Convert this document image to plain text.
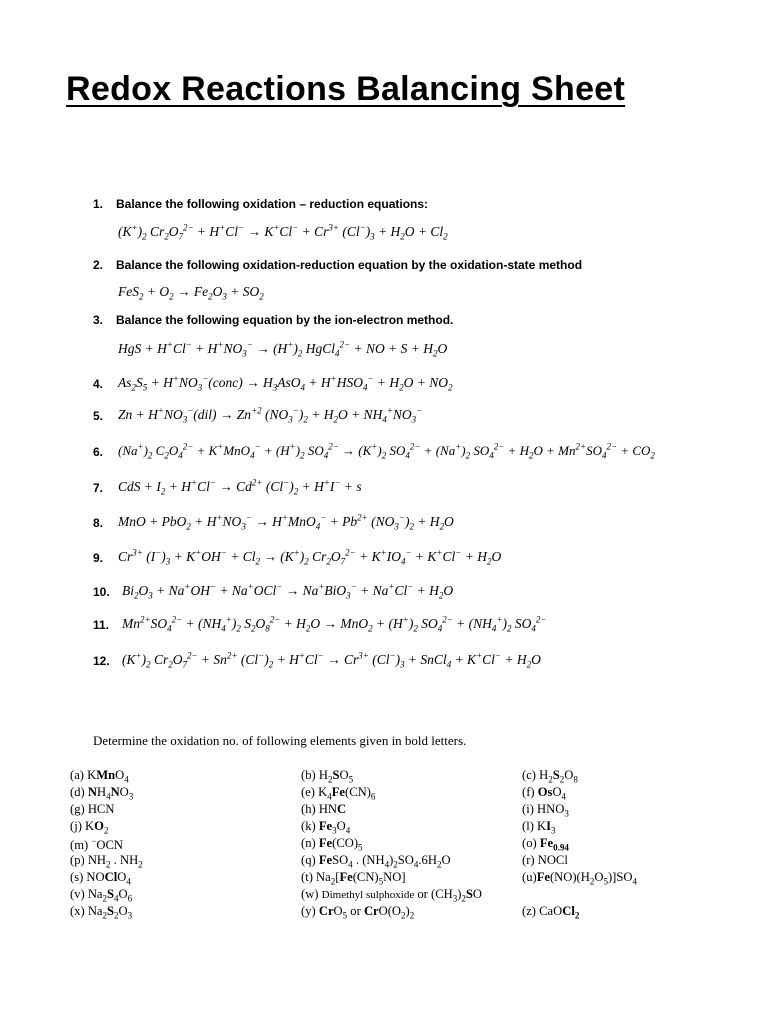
Redox Reactions Balancing Sheet
1. Balance the following oxidation – reduction equations:
$(K^+)_2$ $Cr_2O_7^{2-} + H^+Cl^- \to K^+Cl^- + Cr^{3+}$ $(Cl^-)_3 + H_2O + Cl_2$
2. Balance the following oxidation-reduction equation by the oxidation-state method
$FeS_2 + O_2 \to Fe_2O_3 + SO_2$
3. Balance the following equation by the ion-electron method.
HgS + $H^+Cl^- + H^+NO_3^- \to (H^+)_2$ HgCl$_4^{2-}$ + NO + $S + H_2O$
4. $As_2S_5$ + $H^+NO_3^-(conc) \to H_3AsO_4 + H^+HSO_4^- + H_2O + NO_2$
5. $Zn + H^+NO_3^-(dil) \to Zn^{+2}$ $(NO_3^-)_2 + H_2O + NH_4^+NO_3^-$
6. $(Na^+)_2$ $C_2O_4^{2-} + K^+MnO_4^- + (H^+)_2$ $SO_4^{2-} \to (K^+)_2$ $SO_4^{2-} + (Na^+)_2$ $SO_4^{2-} + H_2O + Mn^{2+}SO_4^{2-} + CO_2$
7. CdS + $I_2 + H^+Cl^- \to Cd^{2+}$ $(Cl^-)_2 + H^+I^- + s$
8. MnO + $PbO_2 + H^+NO_3^- \to H^+MnO_4^- + Pb^{2+}$ $(NO_3^-)_2 + H_2O$
9. $Cr^{3+}$ $(I^-)_3 + K^+OH^- + Cl_2 \to (K^+)_2$ $Cr_2O_7^{2-} + K^+IO_4^- + K^+Cl^- + H_2O$
10. $Bi_2O_3 + Na^+OH^- + Na^+OCl^- \to Na^+BiO_3^- + Na^+Cl^- + H_2O$
11. $Mn^{2+}SO_4^{2-} + (NH_4^+)_2$ $S_2O_8^{2-} + H_2O \to MnO_2 + (H^+)_2$ $SO_4^{2-} + (NH_4^+)_2$ $SO_4^{2-}$
12. $(K^+)_2$ $Cr_2O_7^{2-} + Sn^{2+}$ $(Cl^-)_2 + H^+Cl^- \to Cr^{3+}$ $(Cl^-)_3$ + SnCl$_4$ + $K^+Cl^- + H_2O$
Determine the oxidation no. of following elements given in bold letters.
(a) KMnO$_4$
(d) $NH_4NO_3$
(g) HCN
(j) $KO_2$
(m) −OCN
(p) $NH_2$ . $NH_2$
(s) NOClO$_4$
(v) $Na_2S_4O_6$
(x) $Na_2S_2O_3$
(b) $H_2SO_5$
(e) $K_4Fe(CN)_6$
(h) HNC
(k) $Fe_3O_4$
(n) $Fe(CO)_5$
(q) FeSO$_4$ . $(NH_4)_2SO_4.6H_2O$
(t) $Na_2[Fe(CN)_5NO]$
(w) Dimethyl sulphoxide or $(CH_3)_2SO$
(y) CrO$_5$ or $CrO(O_2)_2$
(c) $H_2S_2O_8$
(f) OsO$_4$
(i) $HNO_3$
(l) $KI_3$
(o) $Fe_{0.94}$
(r) NOCl
$(u)Fe(NO)(H_2O_5)]SO_4$
(z) CaOCl$_2$
